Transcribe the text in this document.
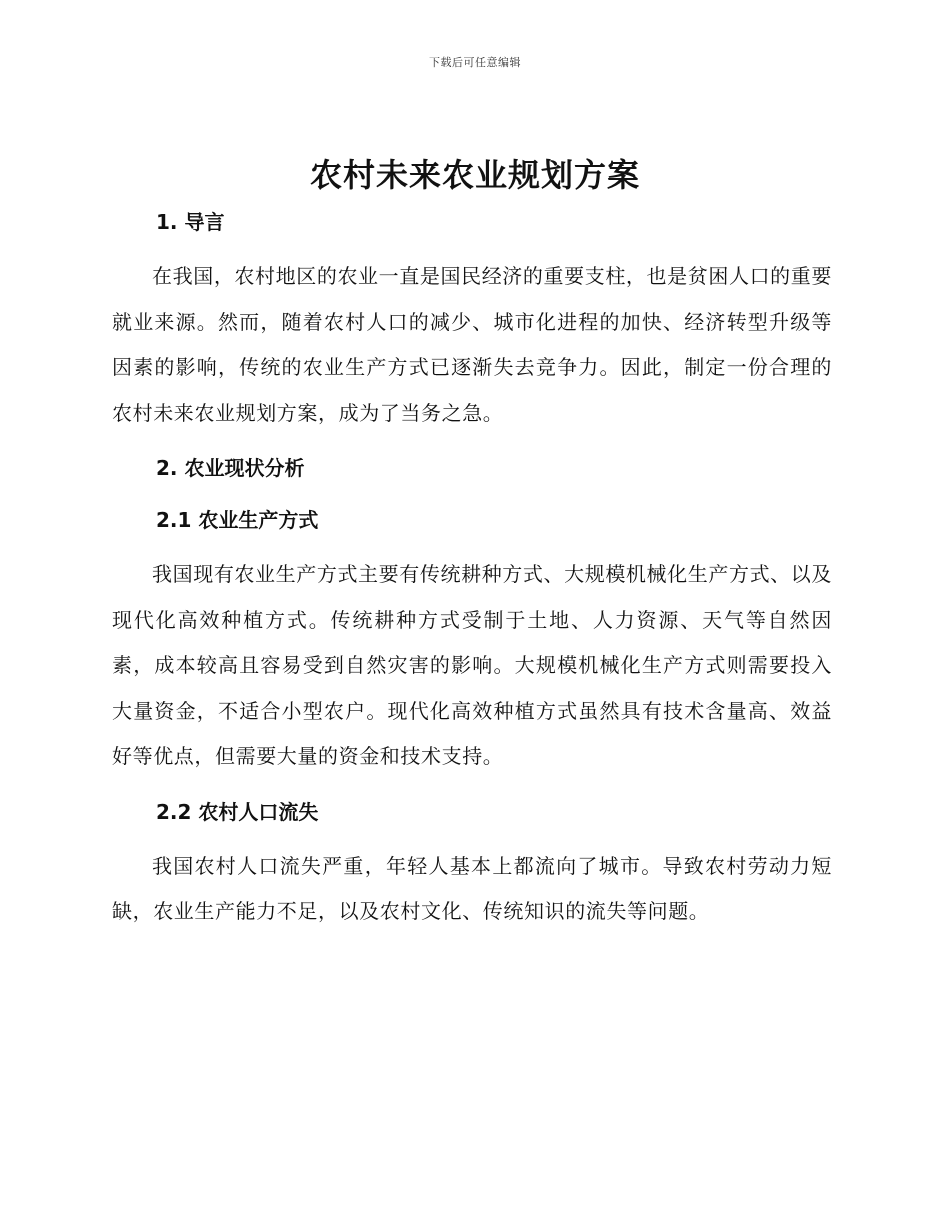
下载后可任意编辑
农村未来农业规划方案
1. 导言

在我国，农村地区的农业一直是国民经济的重要支柱，也是贫困人口的重要就业来源。然而，随着农村人口的减少、城市化进程的加快、经济转型升级等因素的影响，传统的农业生产方式已逐渐失去竞争力。因此，制定一份合理的农村未来农业规划方案，成为了当务之急。

2. 农业现状分析
2.1 农业生产方式

我国现有农业生产方式主要有传统耕种方式、大规模机械化生产方式、以及现代化高效种植方式。传统耕种方式受制于土地、人力资源、天气等自然因素，成本较高且容易受到自然灾害的影响。大规模机械化生产方式则需要投入大量资金，不适合小型农户。现代化高效种植方式虽然具有技术含量高、效益好等优点，但需要大量的资金和技术支持。

2.2 农村人口流失

我国农村人口流失严重，年轻人基本上都流向了城市。导致农村劳动力短缺，农业生产能力不足，以及农村文化、传统知识的流失等问题。
